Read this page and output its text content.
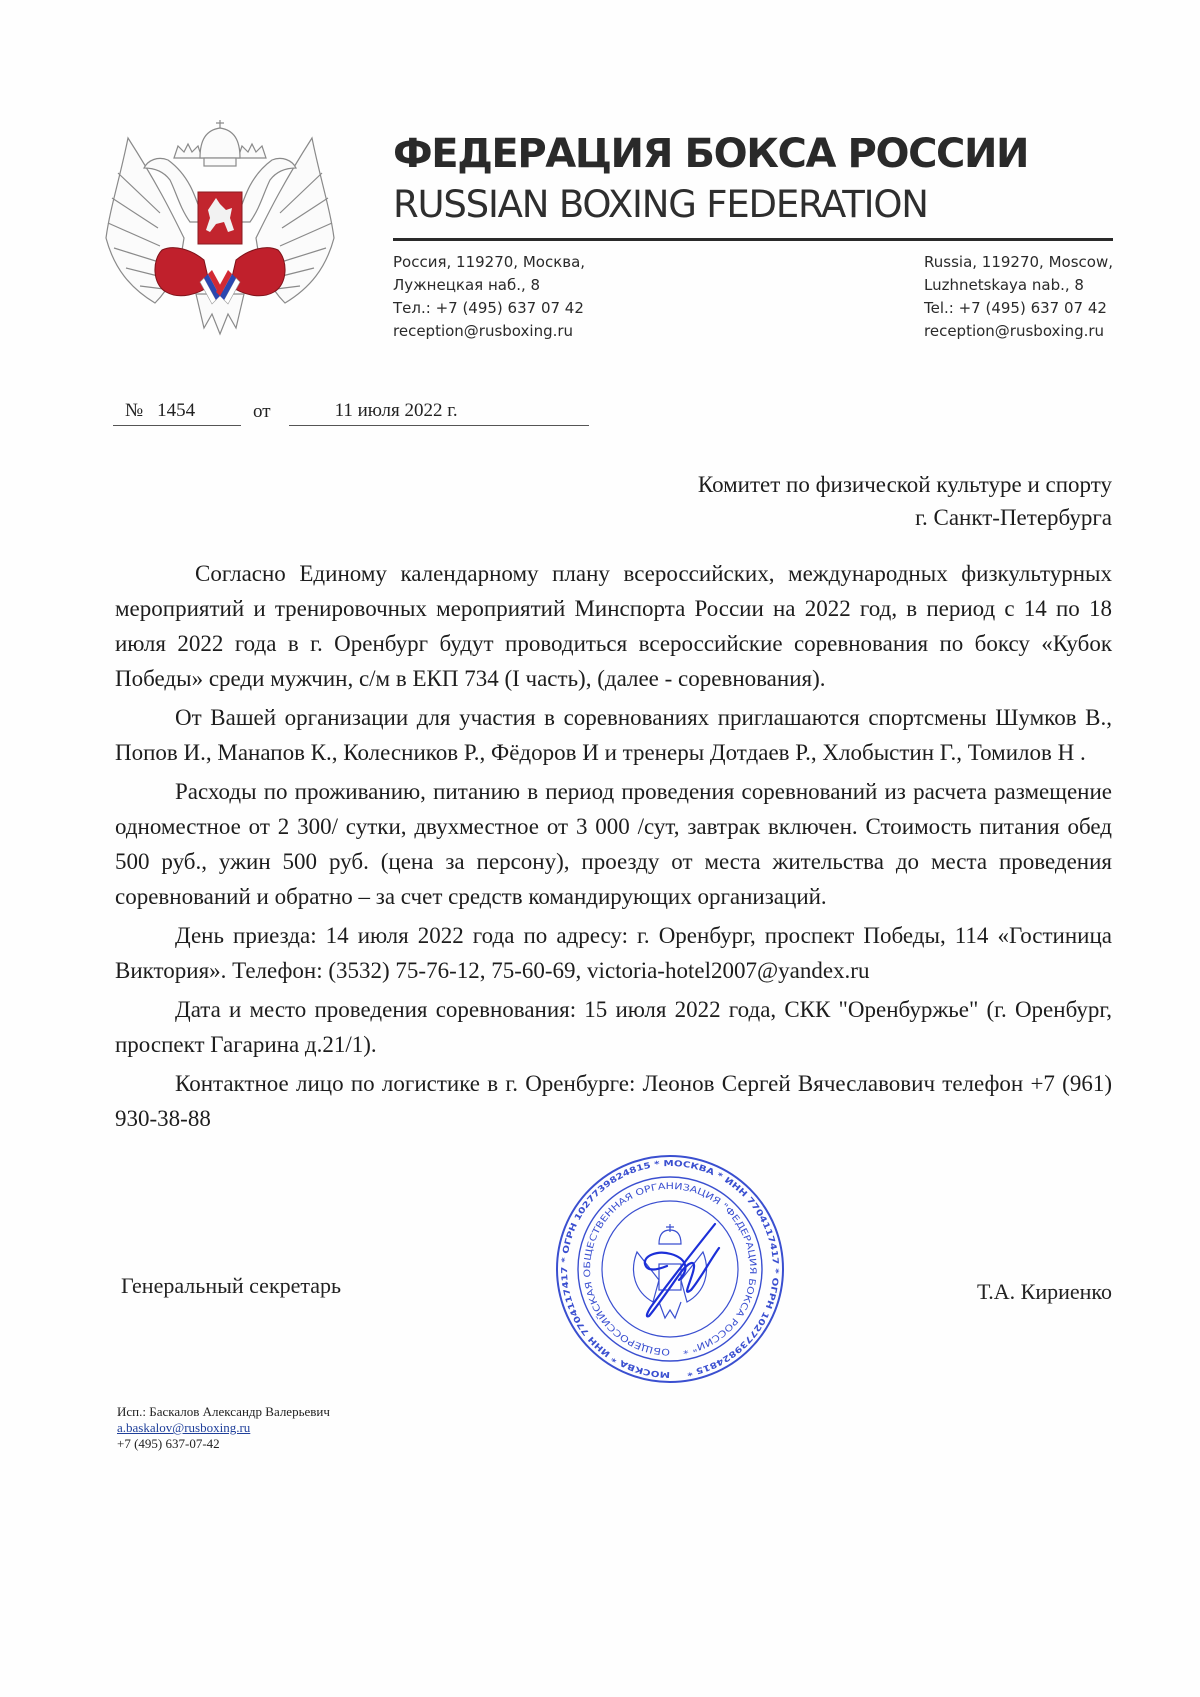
ФЕДЕРАЦИЯ БОКСА РОССИИ
RUSSIAN BOXING FEDERATION
Россия, 119270, Москва,
Лужнецкая наб., 8
Тел.: +7 (495) 637 07 42
reception@rusboxing.ru
Russia, 119270, Moscow,
Luzhnetskaya nab., 8
Tel.: +7 (495) 637 07 42
reception@rusboxing.ru
№ 1454	от	11 июля 2022 г.
Комитет по физической культуре и спорту
г. Санкт-Петербурга

Согласно Единому календарному плану всероссийских, международных физкультурных мероприятий и тренировочных мероприятий Минспорта России на 2022 год, в период с 14 по 18 июля 2022 года в г. Оренбург будут проводиться всероссийские соревнования по боксу «Кубок Победы» среди мужчин, с/м в ЕКП 734 (I часть), (далее - соревнования).

От Вашей организации для участия в соревнованиях приглашаются спортсмены Шумков В., Попов И., Манапов К., Колесников Р., Фёдоров И и тренеры Дотдаев Р., Хлобыстин Г., Томилов Н .

Расходы по проживанию, питанию в период проведения соревнований из расчета размещение одноместное от 2 300/ сутки, двухместное от 3 000 /сут, завтрак включен. Стоимость питания обед 500 руб., ужин 500 руб. (цена за персону), проезду от места жительства до места проведения соревнований и обратно – за счет средств командирующих организаций.

День приезда: 14 июля 2022 года по адресу: г. Оренбург, проспект Победы, 114 «Гостиница Виктория». Телефон: (3532) 75-76-12, 75-60-69, victoria-hotel2007@yandex.ru

Дата и место проведения соревнования: 15 июля 2022 года, СКК "Оренбуржье" (г. Оренбург, проспект Гагарина д.21/1).

Контактное лицо по логистике в г. Оренбурге: Леонов Сергей Вячеславович телефон +7 (961) 930-38-88

Генеральный секретарь
МОСКВА * ИНН 7704117417 * ОГРН 1027739824815 * МОСКВА * ИНН 7704117417 * ОГРН 1027739824815 *
ОБЩЕРОССИЙСКАЯ ОБЩЕСТВЕННАЯ ОРГАНИЗАЦИЯ "ФЕДЕРАЦИЯ БОКСА РОССИИ" *
Т.А. Кириенко
Исп.: Баскалов Александр Валерьевич
a.baskalov@rusboxing.ru
+7 (495) 637-07-42
